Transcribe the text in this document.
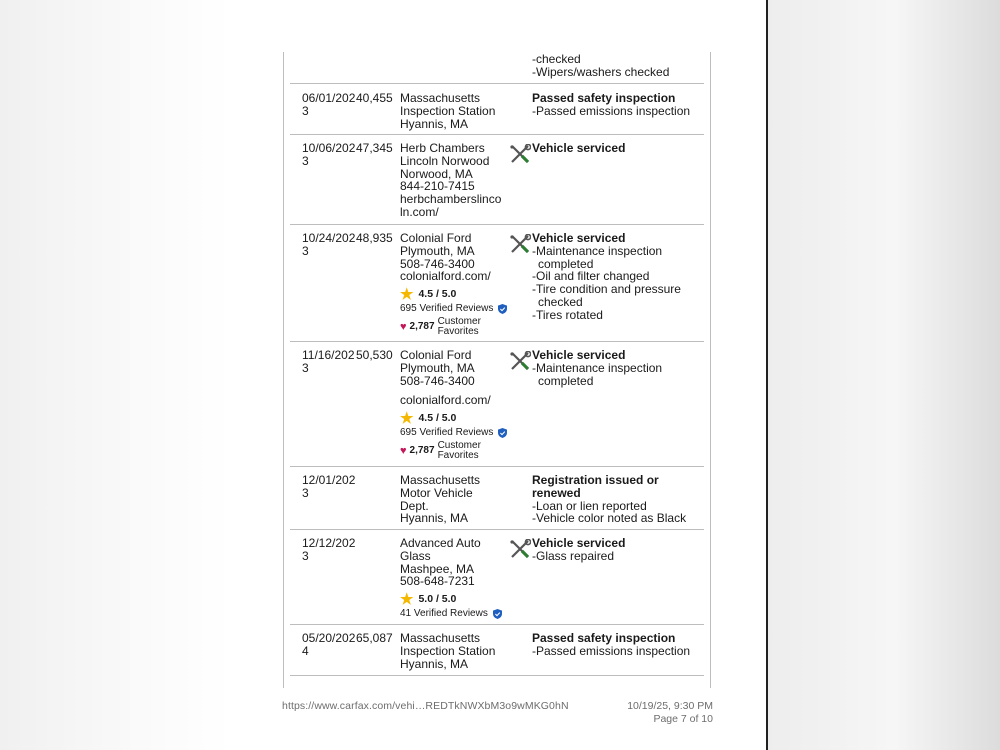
-checked
-Wipers/washers checked
06/01/2023
40,455 Massachusetts
Inspection Station
Hyannis, MA
Passed safety inspection
-Passed emissions inspection
10/06/2023
47,345 Herb Chambers
Lincoln Norwood
Norwood, MA
844-210-7415
herbchamberslincoln.com/
Vehicle serviced
10/24/2023
48,935 Colonial Ford
Plymouth, MA
508-746-3400
colonialford.com/
★ 4.5 / 5.0
695 Verified Reviews
♥ 2,787 Customer Favorites
Vehicle serviced
-Maintenance inspection completed
-Oil and filter changed
-Tire condition and pressure checked
-Tires rotated
11/16/2023
50,530 Colonial Ford
Plymouth, MA
508-746-3400
colonialford.com/
★ 4.5 / 5.0
695 Verified Reviews
♥ 2,787 Customer Favorites
Vehicle serviced
-Maintenance inspection completed
12/01/2023
Massachusetts
Motor Vehicle
Dept.
Hyannis, MA
Registration issued or renewed
-Loan or lien reported
-Vehicle color noted as Black
12/12/2023
Advanced Auto
Glass
Mashpee, MA
508-648-7231
★ 5.0 / 5.0
41 Verified Reviews
Vehicle serviced
-Glass repaired
05/20/2024
65,087 Massachusetts
Inspection Station
Hyannis, MA
Passed safety inspection
-Passed emissions inspection
https://www.carfax.com/vehi…REDTkNWXbM3o9wMKG0hN	10/19/25, 9:30 PM
Page 7 of 10
